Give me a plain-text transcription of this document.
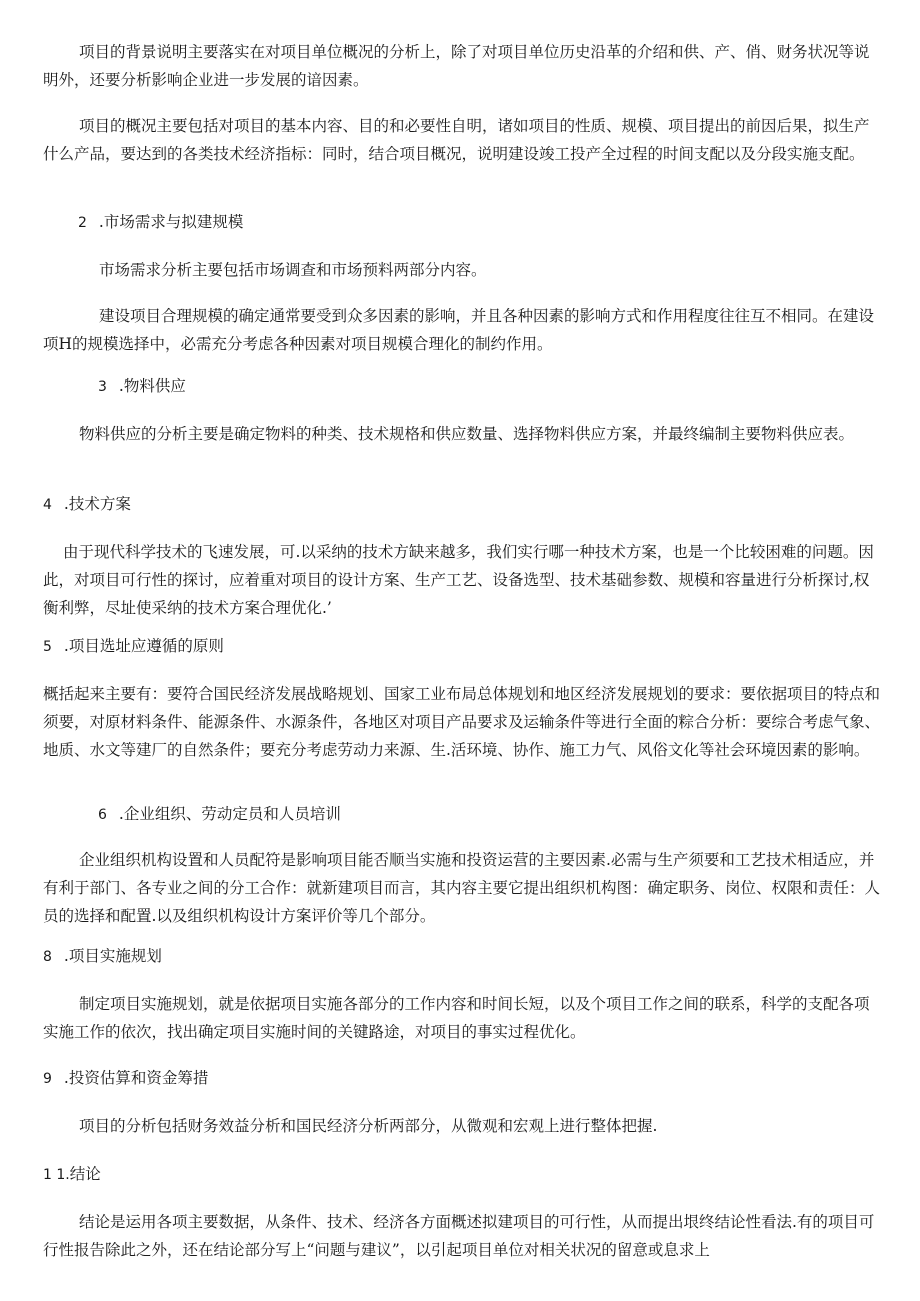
项目的背景说明主要落实在对项目单位概况的分析上，除了对项目单位历史沿革的介绍和供、产、俏、财务状况等说明外，还要分析影响企业进一步发展的谙因素。

项目的概况主要包括对项目的基本内容、目的和必要性自明，诸如项目的性质、规模、项目提出的前因后果，拟生产什么产品，要达到的各类技术经济指标：同时，结合项目概况，说明建设竣工投产全过程的时间支配以及分段实施支配。

2 .市场需求与拟建规模

市场需求分析主要包括市场调查和市场预料两部分内容。

建设项目合理规模的确定通常要受到众多因素的影响，并且各种因素的影响方式和作用程度往往互不相同。在建设项H的规模选择中，必需充分考虑各种因素对项目规模合理化的制约作用。

3 .物料供应

物料供应的分析主要是确定物料的种类、技术规格和供应数量、选择物料供应方案，并最终编制主要物料供应表。

4 .技术方案

由于现代科学技术的飞速发展，可.以采纳的技术方缺来越多，我们实行哪一种技术方案，也是一个比较困难的问题。因此，对项目可行性的探讨，应着重对项目的设计方案、生产工艺、设备选型、技术基础参数、规模和容量进行分析探讨,权衡利弊，尽址使采纳的技术方案合理优化.’

5 .项目选址应遵循的原则

概括起来主要有：要符合国民经济发展战略规划、国家工业布局总体规划和地区经济发展规划的要求：要依据项目的特点和须要，对原材料条件、能源条件、水源条件，各地区对项目产品要求及运输条件等进行全面的粽合分析：要综合考虑气象、地质、水文等建厂的自然条件；要充分考虑劳动力来源、生.活环境、协作、施工力气、风俗文化等社会环境因素的影响。

6 .企业组织、劳动定员和人员培训

企业组织机构设置和人员配符是影响项目能否顺当实施和投资运营的主要因素.必需与生产须要和工艺技术相适应，并有利于部门、各专业之间的分工合作：就新建项目而言，其内容主要它提出组织机构图：确定职务、岗位、权限和责任：人员的选择和配置.以及组织机构设计方案评价等几个部分。

8 .项目实施规划

制定项目实施规划，就是依据项目实施各部分的工作内容和时间长短，以及个项目工作之间的联系，科学的支配各项实施工作的依次，找出确定项目实施时间的关键路途，对项目的事实过程优化。

9 .投资估算和资金筹措

项目的分析包括财务效益分析和国民经济分析两部分，从微观和宏观上进行整体把握.

1 1.结论

结论是运用各项主要数据，从条件、技术、经济各方面概述拟建项目的可行性，从而提出垠终结论性看法.有的项目可行性报告除此之外，还在结论部分写上“问题与建议”，以引起项目单位对相关状况的留意或息求上
